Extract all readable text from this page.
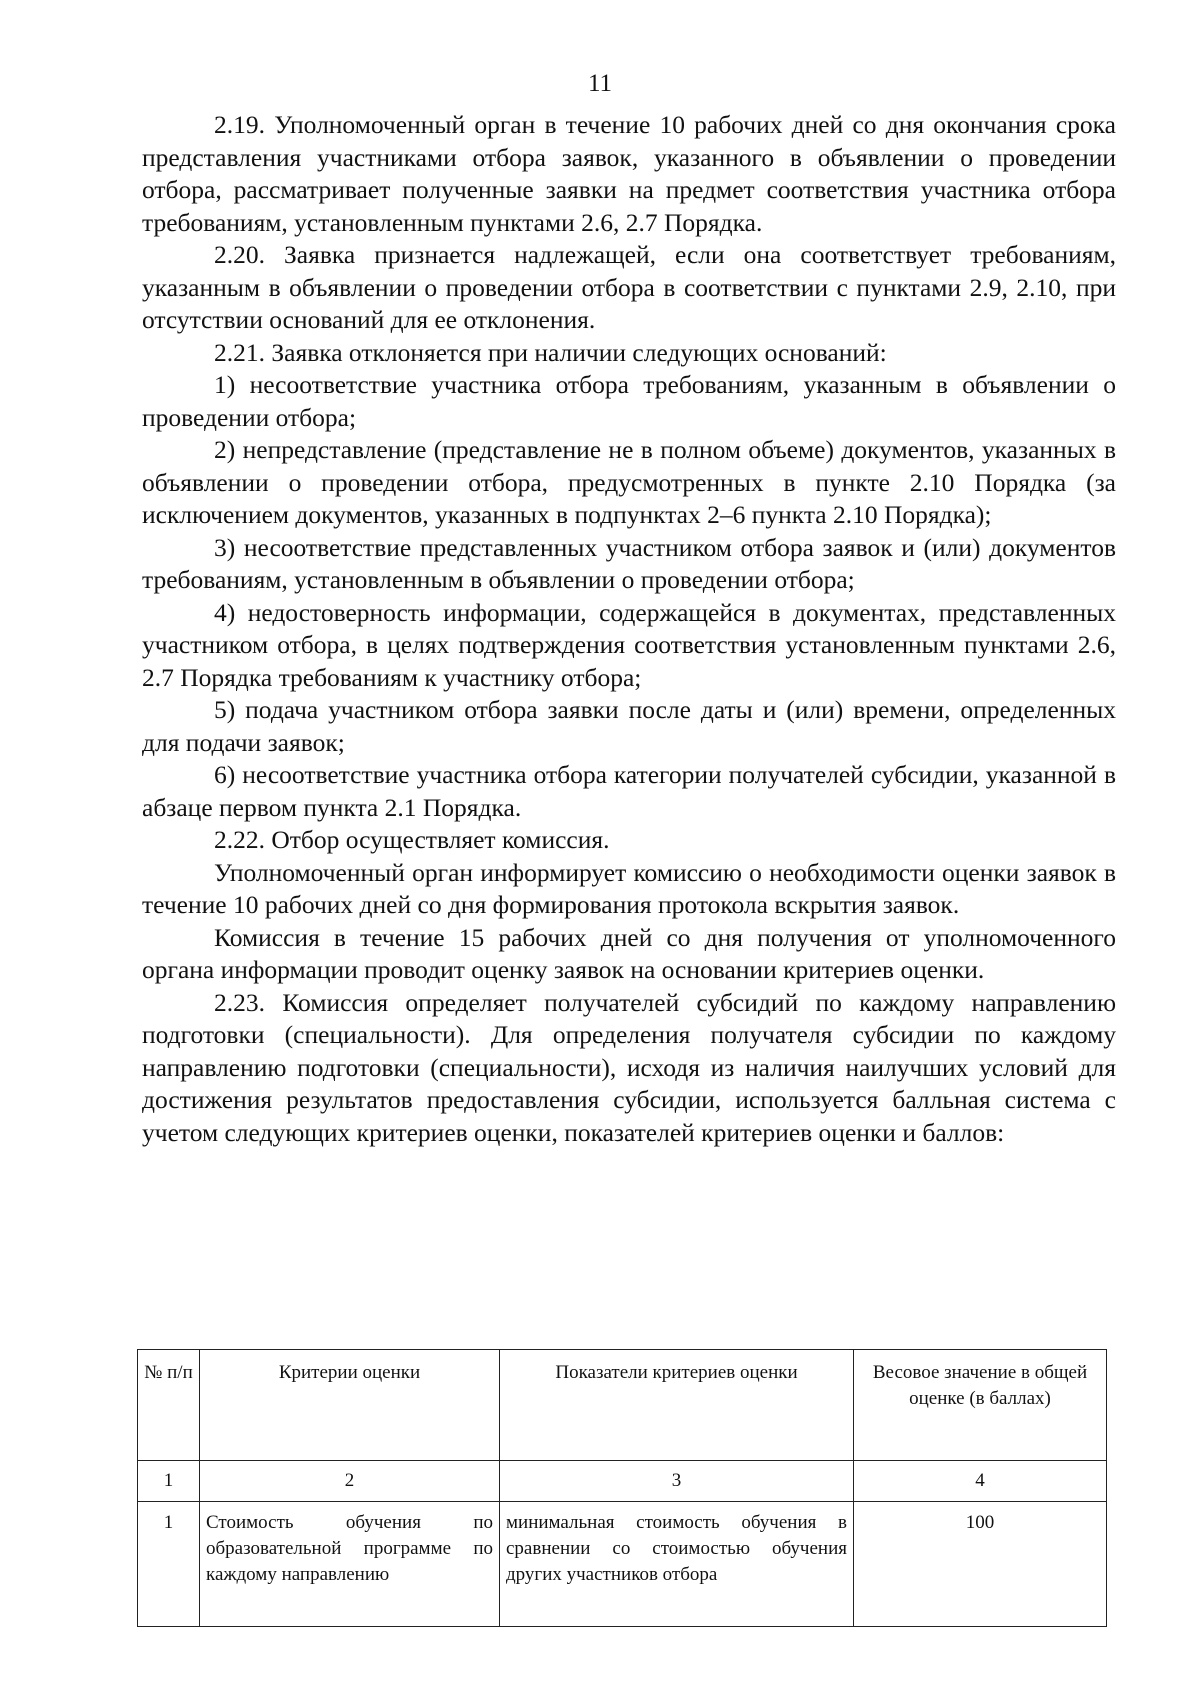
11

2.19. Уполномоченный орган в течение 10 рабочих дней со дня окончания срока представления участниками отбора заявок, указанного в объявлении о проведении отбора, рассматривает полученные заявки на предмет соответствия участника отбора требованиям, установленным пунктами 2.6, 2.7 Порядка.

2.20. Заявка признается надлежащей, если она соответствует требованиям, указанным в объявлении о проведении отбора в соответствии с пунктами 2.9, 2.10, при отсутствии оснований для ее отклонения.

2.21. Заявка отклоняется при наличии следующих оснований:

1) несоответствие участника отбора требованиям, указанным в объявлении о проведении отбора;

2) непредставление (представление не в полном объеме) документов, указанных в объявлении о проведении отбора, предусмотренных в пункте 2.10 Порядка (за исключением документов, указанных в подпунктах 2–6 пункта 2.10 Порядка);

3) несоответствие представленных участником отбора заявок и (или) документов требованиям, установленным в объявлении о проведении отбора;

4) недостоверность информации, содержащейся в документах, представленных участником отбора, в целях подтверждения соответствия установленным пунктами 2.6, 2.7 Порядка требованиям к участнику отбора;

5) подача участником отбора заявки после даты и (или) времени, определенных для подачи заявок;

6) несоответствие участника отбора категории получателей субсидии, указанной в абзаце первом пункта 2.1 Порядка.

2.22. Отбор осуществляет комиссия.

Уполномоченный орган информирует комиссию о необходимости оценки заявок в течение 10 рабочих дней со дня формирования протокола вскрытия заявок.

Комиссия в течение 15 рабочих дней со дня получения от уполномоченного органа информации проводит оценку заявок на основании критериев оценки.

2.23. Комиссия определяет получателей субсидий по каждому направлению подготовки (специальности). Для определения получателя субсидии по каждому направлению подготовки (специальности), исходя из наличия наилучших условий для достижения результатов предоставления субсидии, используется балльная система с учетом следующих критериев оценки, показателей критериев оценки и баллов:

№ п/п	Критерии оценки	Показатели критериев оценки	Весовое значение в общей оценке (в баллах)
1	2	3	4
1	Стоимость обучения по образовательной программе по каждому направлению	минимальная стоимость обучения в сравнении со стоимостью обучения других участников отбора	100
